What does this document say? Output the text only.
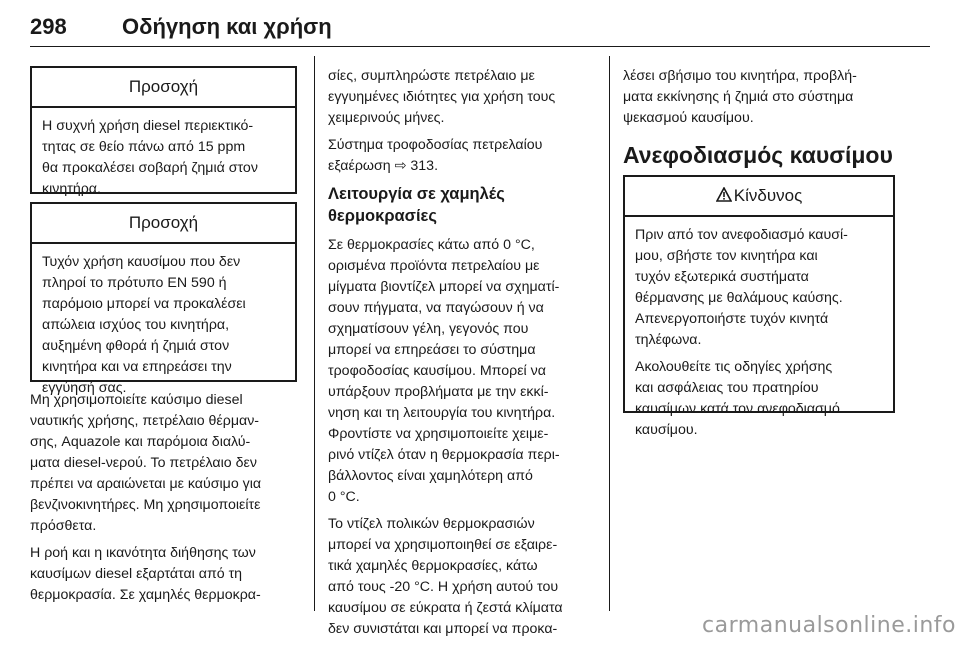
298	Οδήγηση και χρήση
Προσοχή
Η συχνή χρήση diesel περιεκτικό-
τητας σε θείο πάνω από 15 ppm
θα προκαλέσει σοβαρή ζημιά στον
κινητήρα.
Προσοχή
Τυχόν χρήση καυσίμου που δεν
πληροί το πρότυπο EN 590 ή
παρόμοιο μπορεί να προκαλέσει
απώλεια ισχύος του κινητήρα,
αυξημένη φθορά ή ζημιά στον
κινητήρα και να επηρεάσει την
εγγύησή σας.

Μη χρησιμοποιείτε καύσιμο diesel
ναυτικής χρήσης, πετρέλαιο θέρμαν-
σης, Aquazole και παρόμοια διαλύ-
ματα diesel-νερού. Το πετρέλαιο δεν
πρέπει να αραιώνεται με καύσιμο για
βενζινοκινητήρες. Μη χρησιμοποιείτε
πρόσθετα.

Η ροή και η ικανότητα διήθησης των
καυσίμων diesel εξαρτάται από τη
θερμοκρασία. Σε χαμηλές θερμοκρα-

σίες, συμπληρώστε πετρέλαιο με
εγγυημένες ιδιότητες για χρήση τους
χειμερινούς μήνες.

Σύστημα τροφοδοσίας πετρελαίου
εξαέρωση ⇨ 313.

Λειτουργία σε χαμηλές
θερμοκρασίες

Σε θερμοκρασίες κάτω από 0 °C,
ορισμένα προϊόντα πετρελαίου με
μίγματα βιοντίζελ μπορεί να σχηματί-
σουν πήγματα, να παγώσουν ή να
σχηματίσουν γέλη, γεγονός που
μπορεί να επηρεάσει το σύστημα
τροφοδοσίας καυσίμου. Μπορεί να
υπάρξουν προβλήματα με την εκκί-
νηση και τη λειτουργία του κινητήρα.
Φροντίστε να χρησιμοποιείτε χειμε-
ρινό ντίζελ όταν η θερμοκρασία περι-
βάλλοντος είναι χαμηλότερη από
0 °C.

Το ντίζελ πολικών θερμοκρασιών
μπορεί να χρησιμοποιηθεί σε εξαιρε-
τικά χαμηλές θερμοκρασίες, κάτω
από τους -20 °C. Η χρήση αυτού του
καυσίμου σε εύκρατα ή ζεστά κλίματα
δεν συνιστάται και μπορεί να προκα-

λέσει σβήσιμο του κινητήρα, προβλή-
ματα εκκίνησης ή ζημιά στο σύστημα
ψεκασμού καυσίμου.

Ανεφοδιασμός καυσίμου
Κίνδυνος

Πριν από τον ανεφοδιασμό καυσί-
μου, σβήστε τον κινητήρα και
τυχόν εξωτερικά συστήματα
θέρμανσης με θαλάμους καύσης.
Απενεργοποιήστε τυχόν κινητά
τηλέφωνα.

Ακολουθείτε τις οδηγίες χρήσης
και ασφάλειας του πρατηρίου
καυσίμων κατά τον ανεφοδιασμό
καυσίμου.

carmanualsonline.info
